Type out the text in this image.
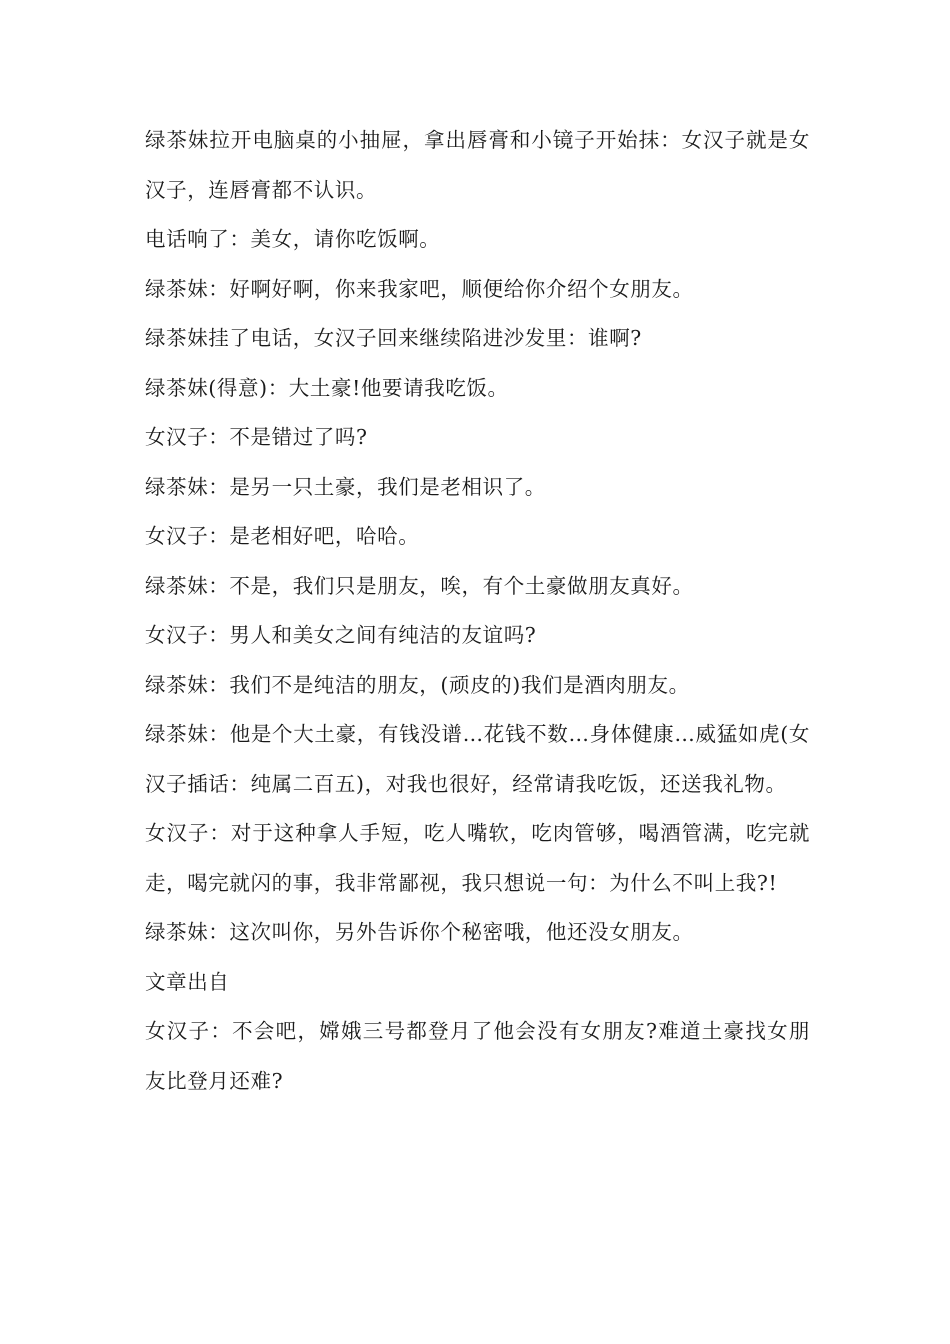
绿茶妹拉开电脑桌的小抽屉，拿出唇膏和小镜子开始抹：女汉子就是女汉子，连唇膏都不认识。

电话响了：美女，请你吃饭啊。

绿茶妹：好啊好啊，你来我家吧，顺便给你介绍个女朋友。

绿茶妹挂了电话，女汉子回来继续陷进沙发里：谁啊?

绿茶妹(得意)：大土豪!他要请我吃饭。

女汉子：不是错过了吗?

绿茶妹：是另一只土豪，我们是老相识了。

女汉子：是老相好吧，哈哈。

绿茶妹：不是，我们只是朋友，唉，有个土豪做朋友真好。

女汉子：男人和美女之间有纯洁的友谊吗?

绿茶妹：我们不是纯洁的朋友，(顽皮的)我们是酒肉朋友。

绿茶妹：他是个大土豪，有钱没谱…花钱不数…身体健康…威猛如虎(女汉子插话：纯属二百五)，对我也很好，经常请我吃饭，还送我礼物。

女汉子：对于这种拿人手短，吃人嘴软，吃肉管够，喝酒管满，吃完就走，喝完就闪的事，我非常鄙视，我只想说一句：为什么不叫上我?!

绿茶妹：这次叫你，另外告诉你个秘密哦，他还没女朋友。

文章出自

女汉子：不会吧，嫦娥三号都登月了他会没有女朋友?难道土豪找女朋友比登月还难?
